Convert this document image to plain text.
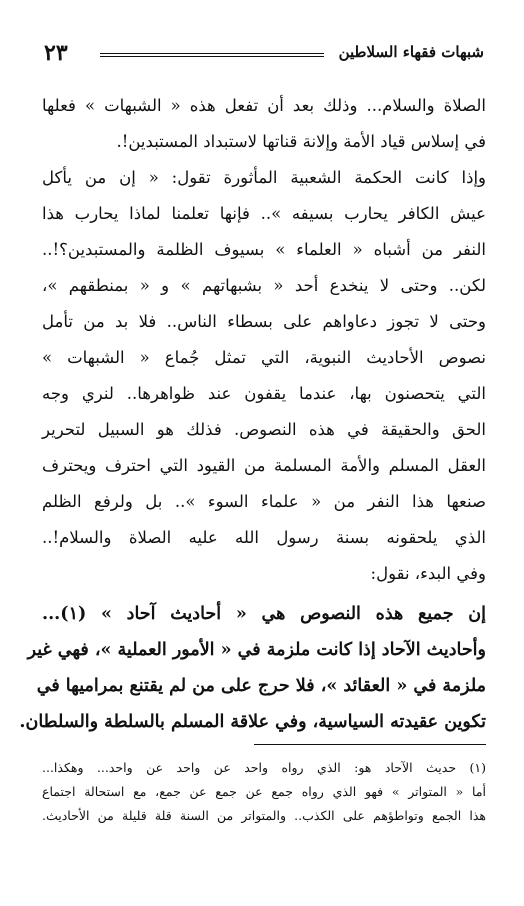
شبهات فقهاء السلاطين
٢٣
الصلاة والسلام... وذلك بعد أن تفعل هذه « الشبهات » فعلها
في إسلاس قياد الأمة وإلانة قناتها لاستبداد المستبدين!.
وإذا كانت الحكمة الشعبية المأثورة تقول: « إن من يأكل
عيش الكافر يحارب بسيفه ».. فإنها تعلمنا لماذا يحارب هذا
النفر من أشباه « العلماء » بسيوف الظلمة والمستبدين؟!..
لكن.. وحتى لا ينخدع أحد « بشبهاتهم » و « بمنطقهم »،
وحتى لا تجوز دعاواهم على بسطاء الناس.. فلا بد من تأمل
نصوص الأحاديث النبوية، التي تمثل جُماع « الشبهات »
التي يتحصنون بها، عندما يقفون عند ظواهرها.. لنري وجه
الحق والحقيقة في هذه النصوص. فذلك هو السبيل لتحرير
العقل المسلم والأمة المسلمة من القيود التي احترف ويحترف
صنعها هذا النفر من « علماء السوء ».. بل ولرفع الظلم
الذي يلحقونه بسنة رسول الله عليه الصلاة والسلام!..
وفي البدء، نقول:
إن جميع هذه النصوص هي « أحاديث آحاد » (١)...
وأحاديث الآحاد إذا كانت ملزمة في « الأمور العملية »، فهي غير
ملزمة في « العقائد »، فلا حرج على من لم يقتنع بمراميها في
تكوين عقيدته السياسية، وفي علاقة المسلم بالسلطة والسلطان.
(١) حديث الآحاد هو: الذي رواه واحد عن واحد عن واحد... وهكذا...
أما « المتواتر » فهو الذي رواه جمع عن جمع عن جمع، مع استحالة اجتماع
هذا الجمع وتواطؤهم على الكذب.. والمتواتر من السنة قلة قليلة من الأحاديث.
